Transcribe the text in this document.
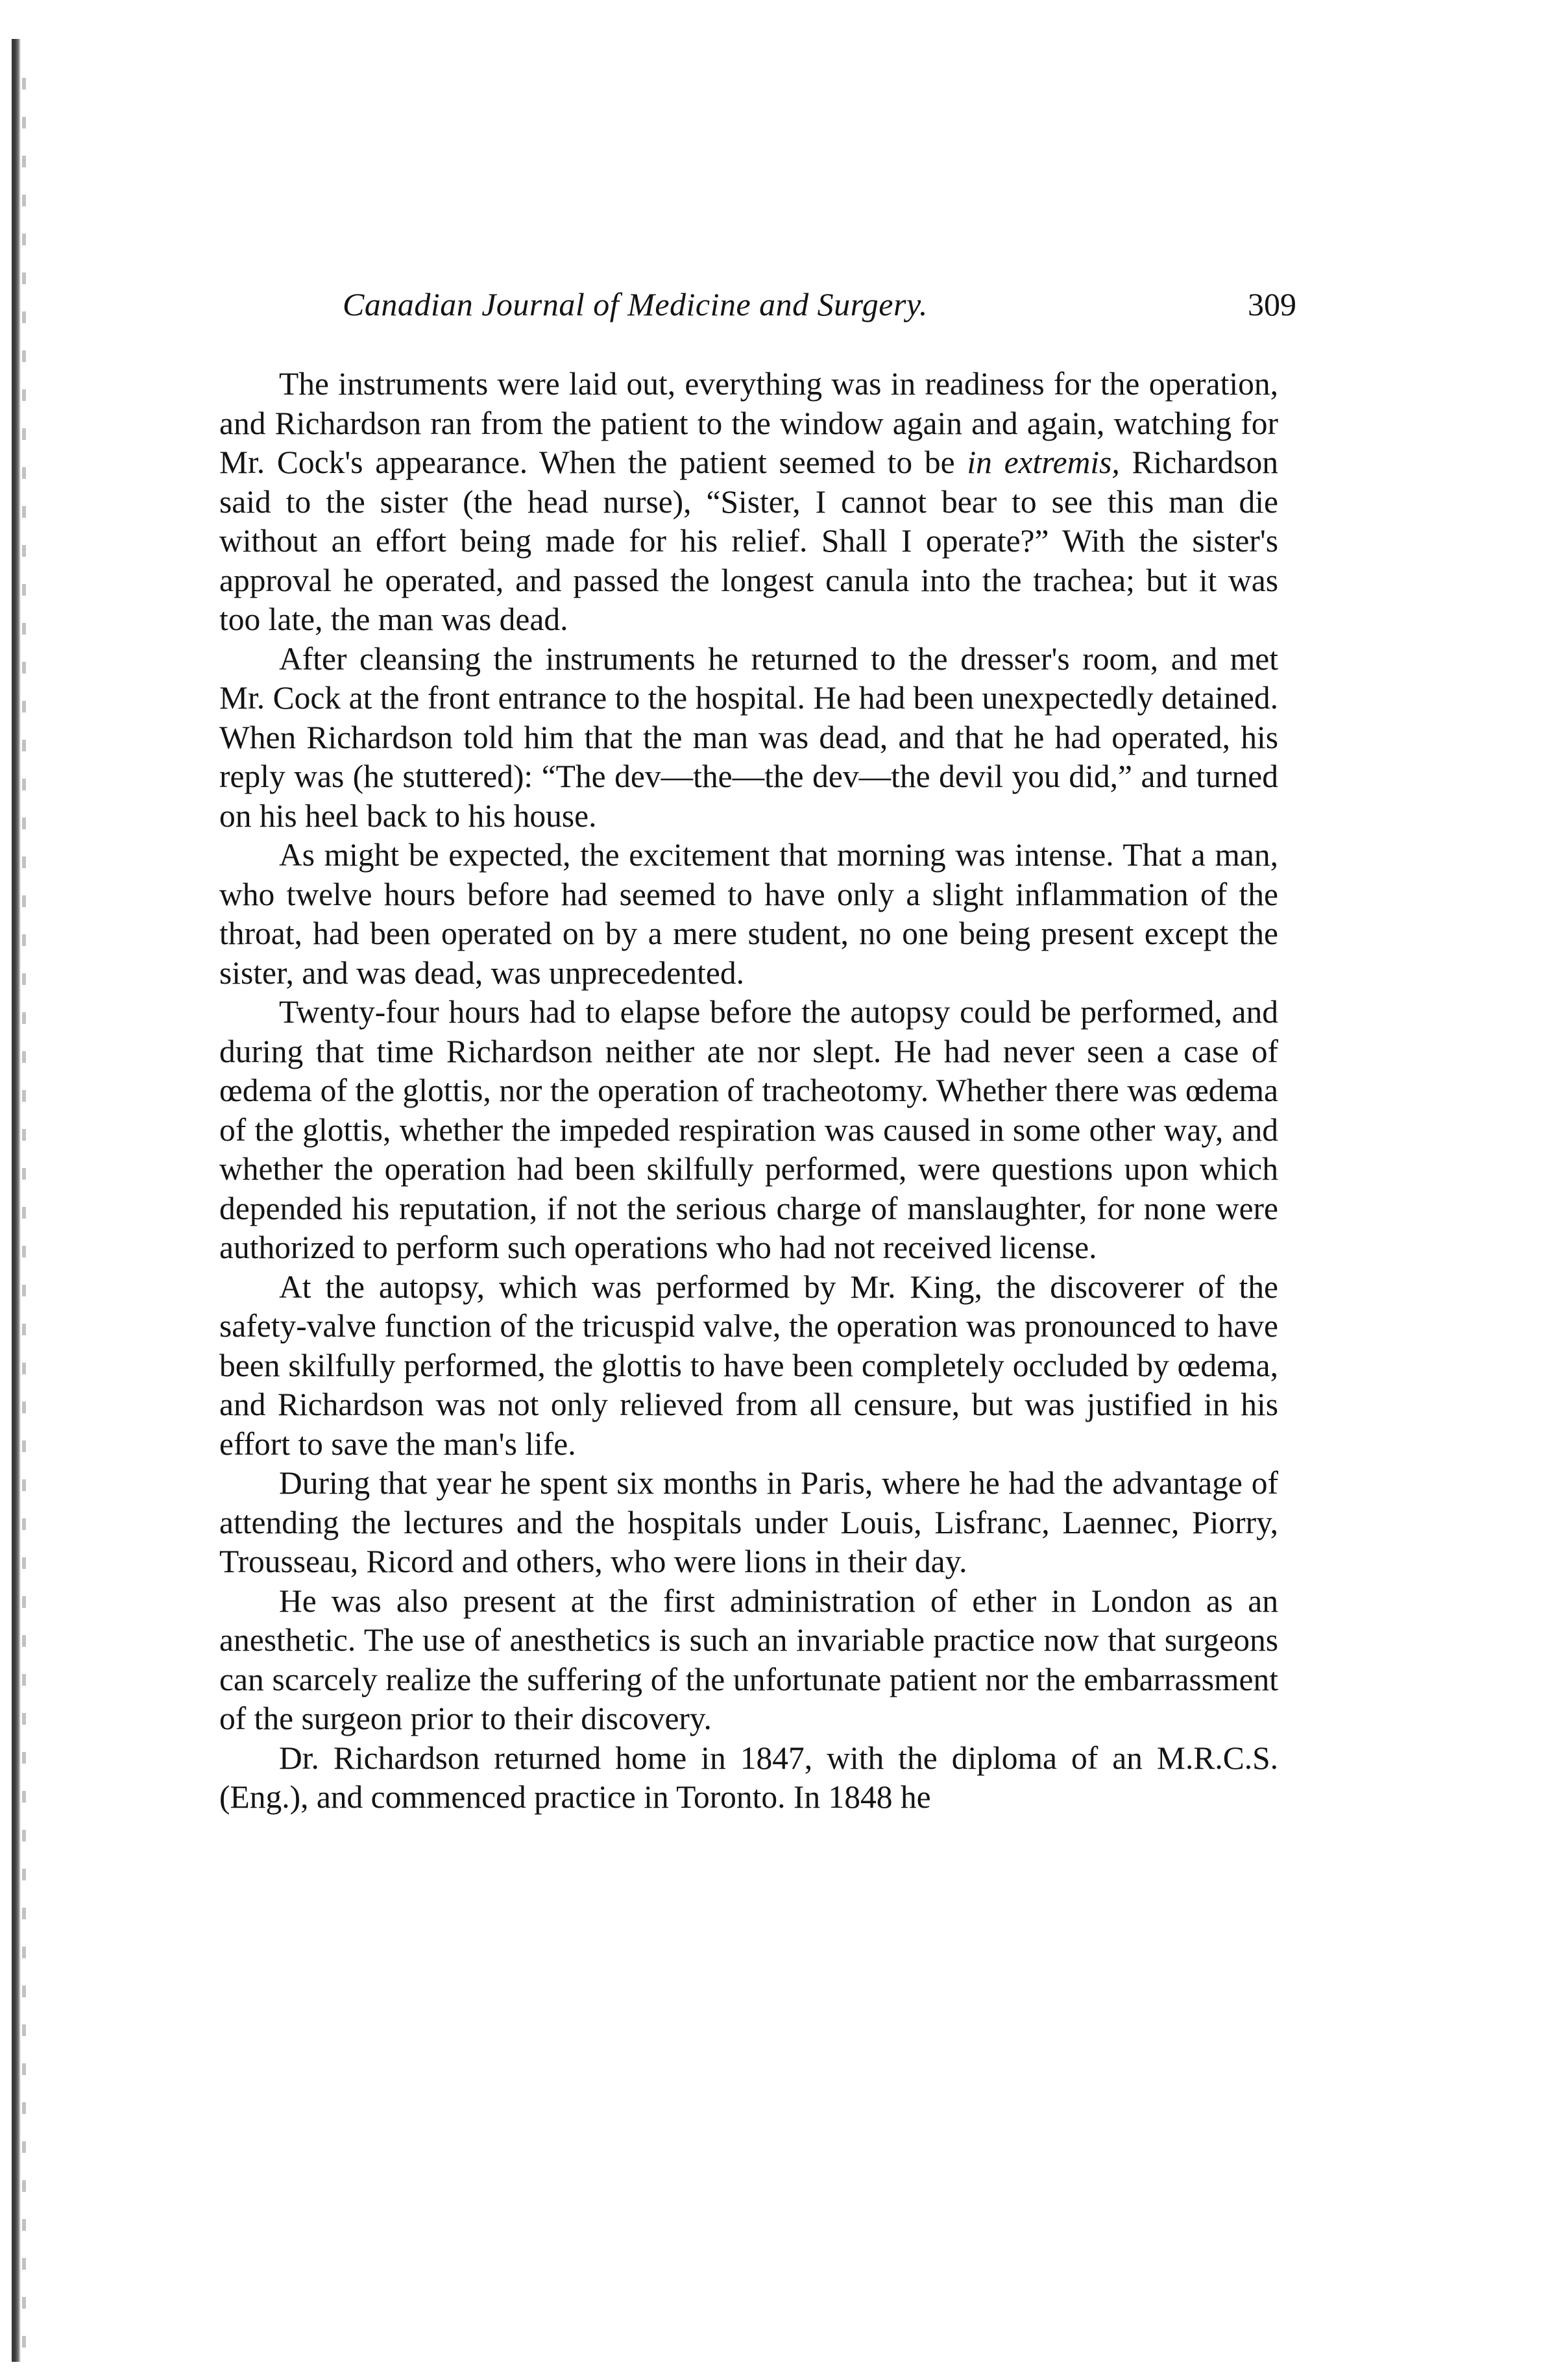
Canadian Journal of Medicine and Surgery.	309

The instruments were laid out, everything was in readiness for the operation, and Richardson ran from the patient to the window again and again, watching for Mr. Cock's appearance. When the patient seemed to be in extremis, Richardson said to the sister (the head nurse), “Sister, I cannot bear to see this man die without an effort being made for his relief. Shall I operate?” With the sister's approval he operated, and passed the longest canula into the trachea; but it was too late, the man was dead.

After cleansing the instruments he returned to the dresser's room, and met Mr. Cock at the front entrance to the hospital. He had been unexpectedly detained. When Richardson told him that the man was dead, and that he had operated, his reply was (he stuttered): “The dev—the—the dev—the devil you did,” and turned on his heel back to his house.

As might be expected, the excitement that morning was intense. That a man, who twelve hours before had seemed to have only a slight inflammation of the throat, had been operated on by a mere student, no one being present except the sister, and was dead, was unprecedented.

Twenty-four hours had to elapse before the autopsy could be performed, and during that time Richardson neither ate nor slept. He had never seen a case of œdema of the glottis, nor the operation of tracheotomy. Whether there was œdema of the glottis, whether the impeded respiration was caused in some other way, and whether the operation had been skilfully performed, were questions upon which depended his reputation, if not the serious charge of manslaughter, for none were authorized to perform such operations who had not received license.

At the autopsy, which was performed by Mr. King, the discoverer of the safety-valve function of the tricuspid valve, the operation was pronounced to have been skilfully performed, the glottis to have been completely occluded by œdema, and Richardson was not only relieved from all censure, but was justified in his effort to save the man's life.

During that year he spent six months in Paris, where he had the advantage of attending the lectures and the hospitals under Louis, Lisfranc, Laennec, Piorry, Trousseau, Ricord and others, who were lions in their day.

He was also present at the first administration of ether in London as an anesthetic. The use of anesthetics is such an invariable practice now that surgeons can scarcely realize the suffering of the unfortunate patient nor the embarrassment of the surgeon prior to their discovery.

Dr. Richardson returned home in 1847, with the diploma of an M.R.C.S. (Eng.), and commenced practice in Toronto. In 1848 he
